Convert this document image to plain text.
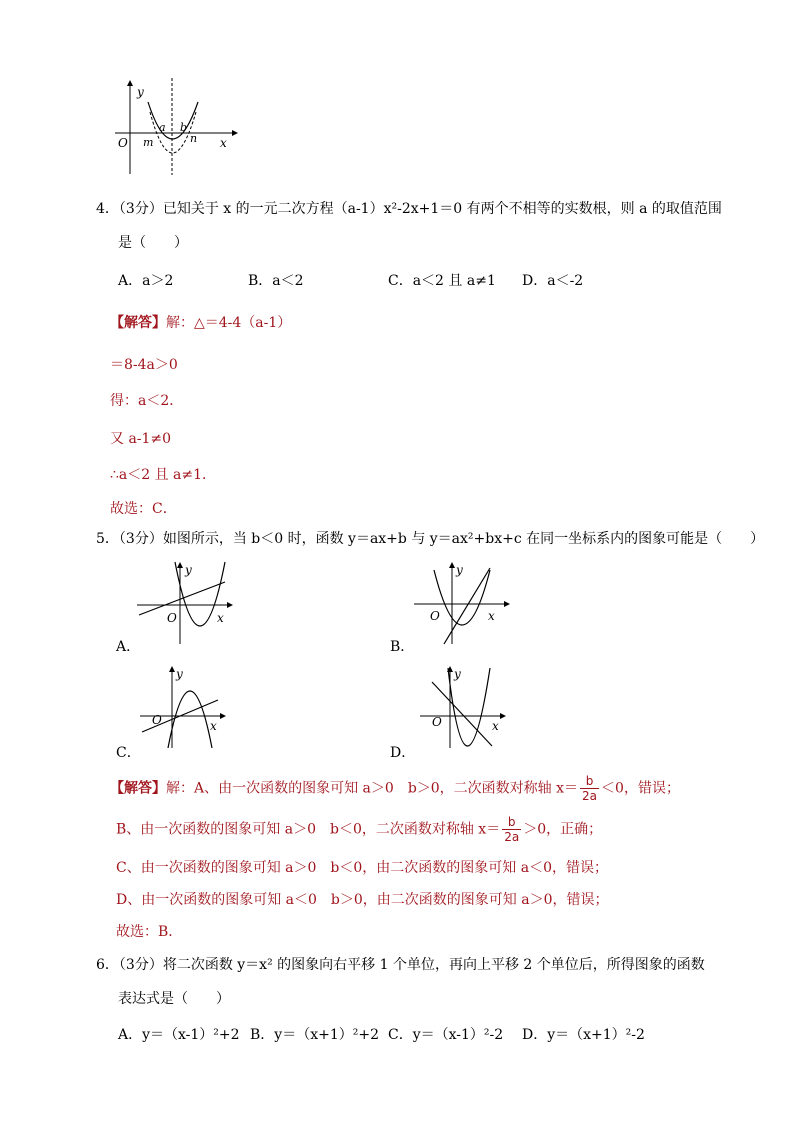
y
x
O
a b
m	n
4．（3分）已知关于 x 的一元二次方程（a-1）x²-2x+1＝0 有两个不相等的实数根，则 a 的取值范围
是（　　）
A．a＞2	B．a＜2	C．a＜2 且 a≠1 D．a＜-2
【解答】解：△＝4-4（a-1）
＝8-4a＞0
得：a＜2．
又 a-1≠0
∴a＜2 且 a≠1．
故选：C．
5．（3分）如图所示，当 b＜0 时，函数 y＝ax+b 与 y＝ax²+bx+c 在同一坐标系内的图象可能是（　　）
y
x
O
A．
y
x
O
B．
y
x
O
C．
y
x
O
D．
【解答】解：A、由一次函数的图象可知 a＞0　b＞0，二次函数对称轴 $x= \frac{b}{2a} <0$，错误；
B、由一次函数的图象可知 a＞0　b＜0，二次函数对称轴 $x= \frac{b}{2a} >0$，正确；
C、由一次函数的图象可知 a＞0　b＜0，由二次函数的图象可知 a＜0，错误；
D、由一次函数的图象可知 a＜0　b＞0，由二次函数的图象可知 a＞0，错误；
故选：B．
6．（3分）将二次函数 y＝x² 的图象向右平移 1 个单位，再向上平移 2 个单位后，所得图象的函数
表达式是（　　）
A．y＝（x-1）²+2 B．y＝（x+1）²+2 C．y＝（x-1）²-2 D．y＝（x+1）²-2
